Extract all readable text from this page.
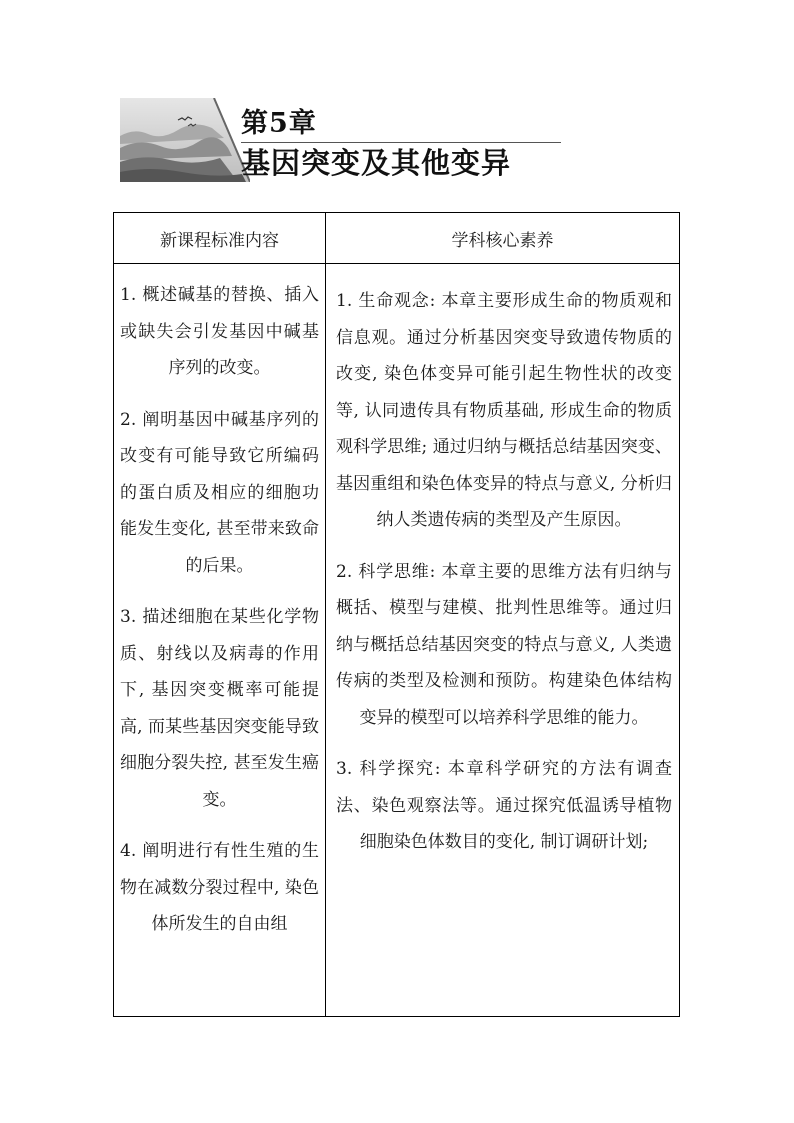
第5章
基因突变及其他变异
新课程标准内容	学科核心素养

1. 概述碱基的替换、插入或缺失会引发基因中碱基序列的改变。

2. 阐明基因中碱基序列的改变有可能导致它所编码的蛋白质及相应的细胞功能发生变化, 甚至带来致命的后果。

3. 描述细胞在某些化学物质、射线以及病毒的作用下, 基因突变概率可能提高, 而某些基因突变能导致细胞分裂失控, 甚至发生癌变。

4. 阐明进行有性生殖的生物在减数分裂过程中, 染色体所发生的自由组

1. 生命观念: 本章主要形成生命的物质观和信息观。通过分析基因突变导致遗传物质的改变, 染色体变异可能引起生物性状的改变等, 认同遗传具有物质基础, 形成生命的物质观科学思维; 通过归纳与概括总结基因突变、基因重组和染色体变异的特点与意义, 分析归纳人类遗传病的类型及产生原因。

2. 科学思维: 本章主要的思维方法有归纳与概括、模型与建模、批判性思维等。通过归纳与概括总结基因突变的特点与意义, 人类遗传病的类型及检测和预防。构建染色体结构变异的模型可以培养科学思维的能力。

3. 科学探究: 本章科学研究的方法有调查法、染色观察法等。通过探究低温诱导植物细胞染色体数目的变化, 制订调研计划;
